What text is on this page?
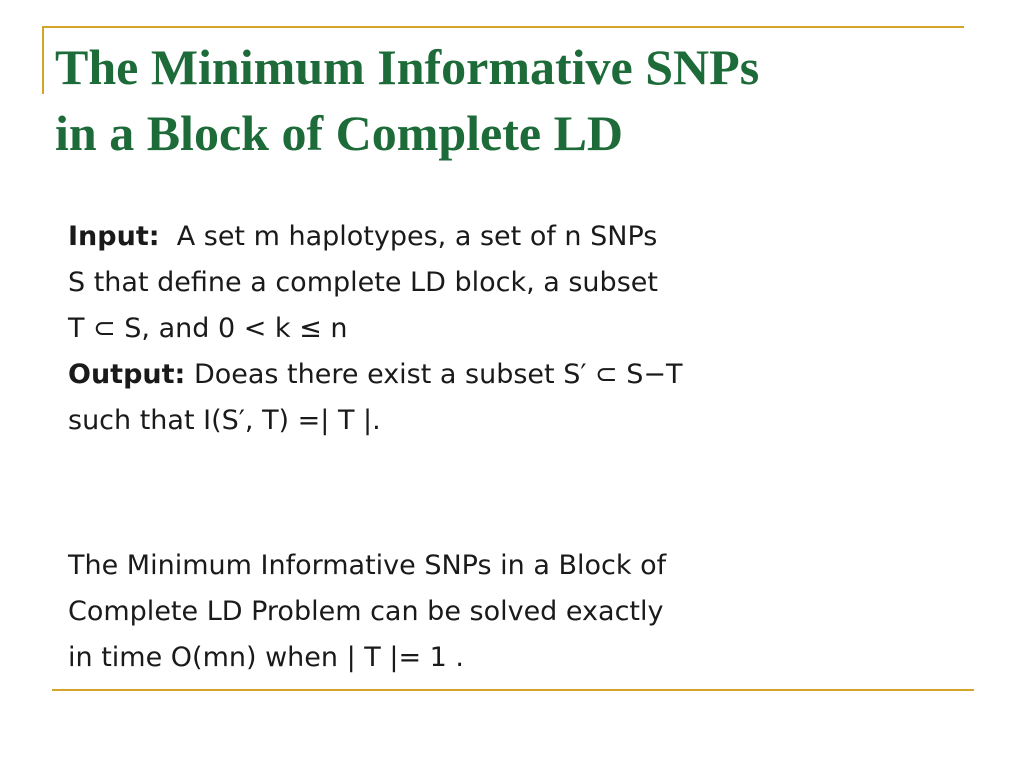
The Minimum Informative SNPs
in a Block of Complete LD
Input: A set m haplotypes, a set of n SNPs
S that define a complete LD block, a subset
T ⊂ S, and 0 < k ≤ n
Output: Doeas there exist a subset S′ ⊂ S−T
such that I(S′, T) =| T |.
The Minimum Informative SNPs in a Block of
Complete LD Problem can be solved exactly
in time O(mn) when | T |= 1 .
